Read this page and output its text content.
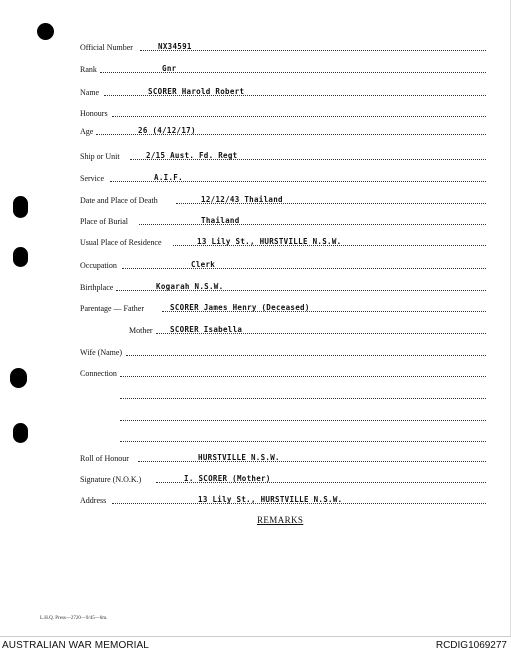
Official Number	NX34591
Rank	Gnr
Name	SCORER Harold Robert
Honours
Age	26 (4/12/17)
Ship or Unit	2/15 Aust. Fd. Regt
Service	A.I.F.
Date and Place of Death	12/12/43 Thailand
Place of Burial	Thailand
Usual Place of Residence	13 Lily St., HURSTVILLE N.S.W.
Occupation	Clerk
Birthplace	Kogarah N.S.W.
Parentage — Father	SCORER James Henry (Deceased)
Mother SCORER Isabella
Wife (Name)
Connection
Roll of Honour	HURSTVILLE N.S.W.
Signature (N.O.K.)	I. SCORER (Mother)
Address	13 Lily St., HURSTVILLE N.S.W.
REMARKS
L.H.Q. Press—2720—9/45—6m.
AUSTRALIAN WAR MEMORIAL	RCDIG1069277
